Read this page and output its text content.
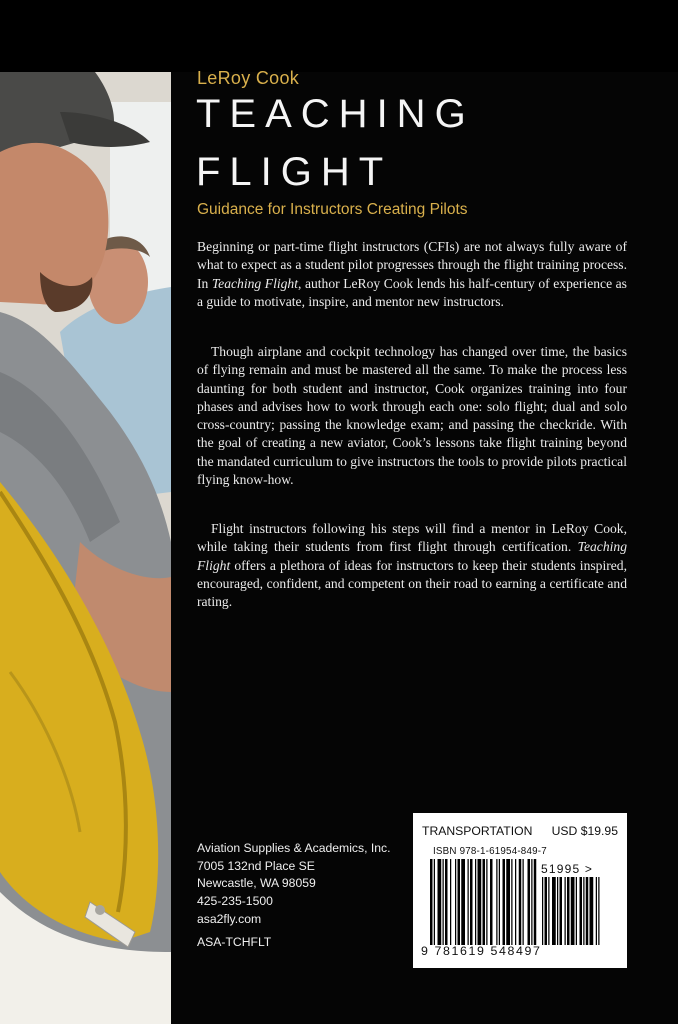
LeRoy Cook
TEACHING
FLIGHT
Guidance for Instructors Creating Pilots

Beginning or part-time flight instructors (CFIs) are not always fully aware of what to expect as a student pilot progresses through the flight training process. In Teaching Flight, author LeRoy Cook lends his half-century of experience as a guide to motivate, inspire, and mentor new instructors.

Though airplane and cockpit technology has changed over time, the basics of flying remain and must be mastered all the same. To make the process less daunting for both student and instructor, Cook organizes training into four phases and advises how to work through each one: solo flight; dual and solo cross-country; passing the knowledge exam; and passing the checkride. With the goal of creating a new aviator, Cook’s lessons take flight training beyond the mandated curriculum to give instructors the tools to provide pilots practical flying know-how.

Flight instructors following his steps will find a mentor in LeRoy Cook, while taking their students from first flight through certification. Teaching Flight offers a plethora of ideas for instructors to keep their students inspired, encouraged, confident, and competent on their road to earning a certificate and rating.

Aviation Supplies & Academics, Inc.
7005 132nd Place SE
Newcastle, WA 98059
425-235-1500
asa2fly.com
ASA-TCHFLT
TRANSPORTATION USD $19.95
ISBN 978-1-61954-849-7
51995 >
9 781619 548497
